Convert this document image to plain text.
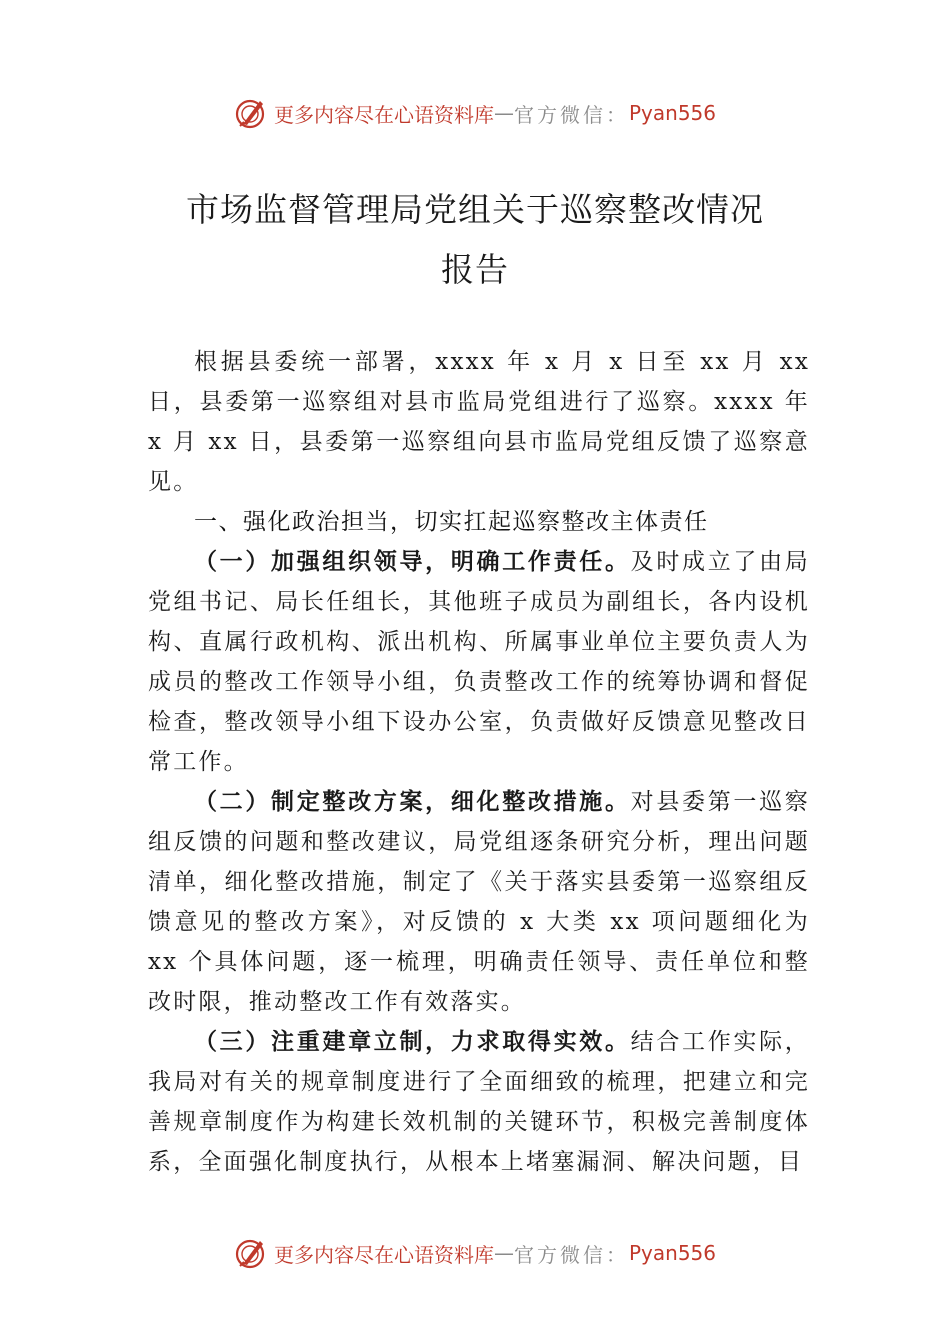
更多内容尽在心语资料库 — 官方微信： Pyan556
市场监督管理局党组关于巡察整改情况
报告

根据县委统一部署，xxxx 年 x 月 x 日至 xx 月 xx 日，县委第一巡察组对县市监局党组进行了巡察。xxxx 年 x 月 xx 日，县委第一巡察组向县市监局党组反馈了巡察意见。

一、强化政治担当，切实扛起巡察整改主体责任

（一）加强组织领导，明确工作责任。及时成立了由局党组书记、局长任组长，其他班子成员为副组长，各内设机构、直属行政机构、派出机构、所属事业单位主要负责人为成员的整改工作领导小组，负责整改工作的统筹协调和督促检查，整改领导小组下设办公室，负责做好反馈意见整改日常工作。

（二）制定整改方案，细化整改措施。对县委第一巡察组反馈的问题和整改建议，局党组逐条研究分析，理出问题清单，细化整改措施，制定了《关于落实县委第一巡察组反馈意见的整改方案》，对反馈的 x 大类 xx 项问题细化为 xx 个具体问题，逐一梳理，明确责任领导、责任单位和整改时限，推动整改工作有效落实。

（三）注重建章立制，力求取得实效。结合工作实际，我局对有关的规章制度进行了全面细致的梳理，把建立和完善规章制度作为构建长效机制的关键环节，积极完善制度体系，全面强化制度执行，从根本上堵塞漏洞、解决问题，目

更多内容尽在心语资料库 — 官方微信： Pyan556
